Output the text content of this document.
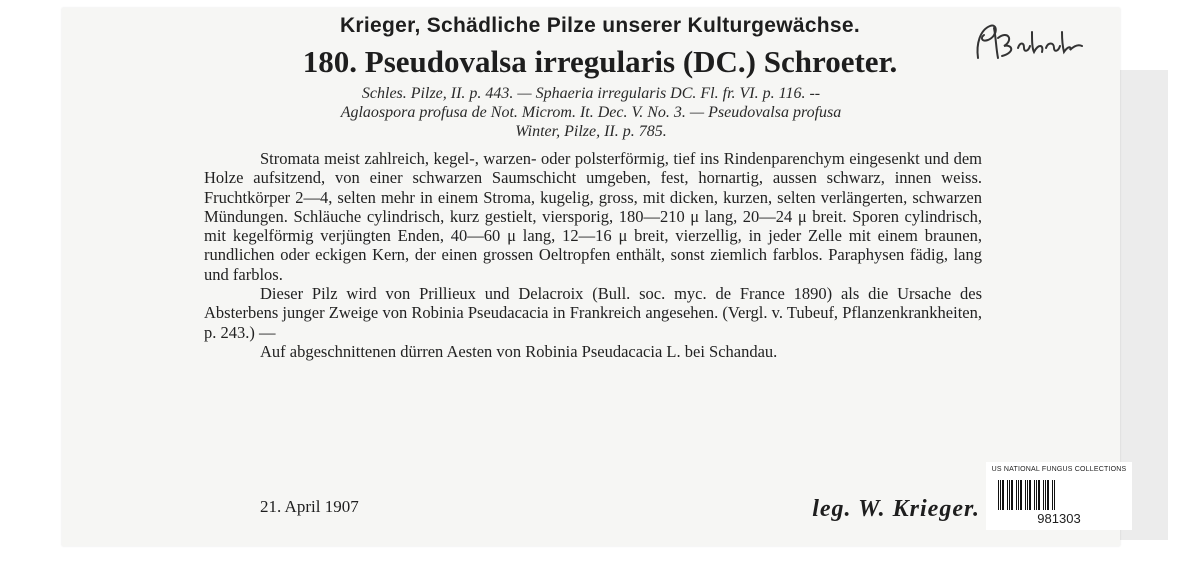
Krieger, Schädliche Pilze unserer Kulturgewächse.
180. Pseudovalsa irregularis (DC.) Schroeter.

Schles. Pilze, II. p. 443. — Sphaeria irregularis DC. Fl. fr. VI. p. 116. --

Aglaospora profusa de Not. Microm. It. Dec. V. No. 3. — Pseudovalsa profusa

Winter, Pilze, II. p. 785.

Stromata meist zahlreich, kegel-, warzen- oder polsterförmig, tief ins Rindenparenchym eingesenkt und dem Holze aufsitzend, von einer schwarzen Saumschicht umgeben, fest, hornartig, aussen schwarz, innen weiss. Fruchtkörper 2—4, selten mehr in einem Stroma, kugelig, gross, mit dicken, kurzen, selten verlängerten, schwarzen Mündungen. Schläuche cylindrisch, kurz gestielt, viersporig, 180—210 μ lang, 20—24 μ breit. Sporen cylindrisch, mit kegelförmig verjüngten Enden, 40—60 μ lang, 12—16 μ breit, vierzellig, in jeder Zelle mit einem braunen, rundlichen oder eckigen Kern, der einen grossen Oeltropfen enthält, sonst ziemlich farblos. Paraphysen fädig, lang und farblos.

Dieser Pilz wird von Prillieux und Delacroix (Bull. soc. myc. de France 1890) als die Ursache des Absterbens junger Zweige von Robinia Pseudacacia in Frankreich angesehen. (Vergl. v. Tubeuf, Pflanzenkrankheiten, p. 243.) —

Auf abgeschnittenen dürren Aesten von Robinia Pseudacacia L. bei Schandau.

21. April 1907	leg. W. Krieger.
US NATIONAL FUNGUS COLLECTIONS
981303
